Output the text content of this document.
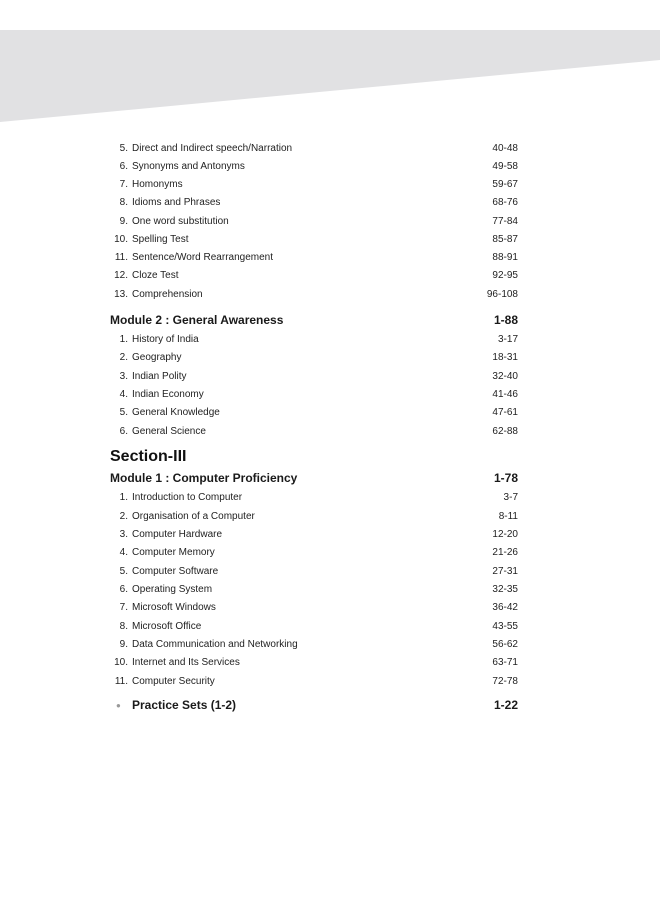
5. Direct and Indirect speech/Narration	40-48
6. Synonyms and Antonyms	49-58
7. Homonyms	59-67
8. Idioms and Phrases	68-76
9. One word substitution	77-84
10. Spelling Test	85-87
11. Sentence/Word Rearrangement	88-91
12. Cloze Test	92-95
13. Comprehension	96-108
Module 2 : General Awareness	1-88
1. History of India	3-17
2. Geography	18-31
3. Indian Polity	32-40
4. Indian Economy	41-46
5. General Knowledge	47-61
6. General Science	62-88
Section-III
Module 1 : Computer Proficiency	1-78
1. Introduction to Computer	3-7
2. Organisation of a Computer	8-11
3. Computer Hardware	12-20
4. Computer Memory	21-26
5. Computer Software	27-31
6. Operating System	32-35
7. Microsoft Windows	36-42
8. Microsoft Office	43-55
9. Data Communication and Networking	56-62
10. Internet and Its Services	63-71
11. Computer Security	72-78
● Practice Sets (1-2)	1-22
